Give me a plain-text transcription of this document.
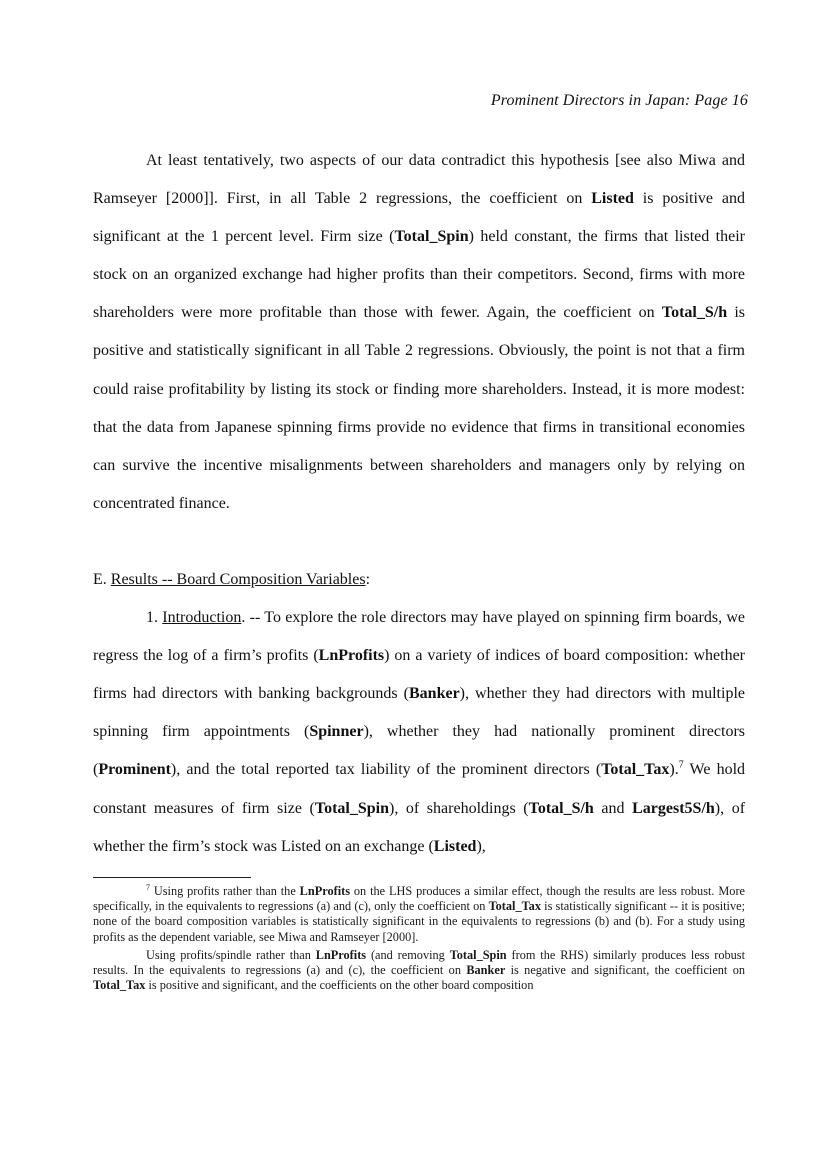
Prominent Directors in Japan: Page 16

At least tentatively, two aspects of our data contradict this hypothesis [see also Miwa and Ramseyer [2000]]. First, in all Table 2 regressions, the coefficient on Listed is positive and significant at the 1 percent level. Firm size (Total_Spin) held constant, the firms that listed their stock on an organized exchange had higher profits than their competitors. Second, firms with more shareholders were more profitable than those with fewer. Again, the coefficient on Total_S/h is positive and statistically significant in all Table 2 regressions. Obviously, the point is not that a firm could raise profitability by listing its stock or finding more shareholders. Instead, it is more modest: that the data from Japanese spinning firms provide no evidence that firms in transitional economies can survive the incentive misalignments between shareholders and managers only by relying on concentrated finance.

E. Results -- Board Composition Variables:

1. Introduction. -- To explore the role directors may have played on spinning firm boards, we regress the log of a firm’s profits (LnProfits) on a variety of indices of board composition: whether firms had directors with banking backgrounds (Banker), whether they had directors with multiple spinning firm appointments (Spinner), whether they had nationally prominent directors (Prominent), and the total reported tax liability of the prominent directors (Total_Tax).$^7$ We hold constant measures of firm size (Total_Spin), of shareholdings (Total_S/h and Largest5S/h), of whether the firm’s stock was Listed on an exchange (Listed),

$^7$ Using profits rather than the LnProfits on the LHS produces a similar effect, though the results are less robust. More specifically, in the equivalents to regressions (a) and (c), only the coefficient on Total_Tax is statistically significant -- it is positive; none of the board composition variables is statistically significant in the equivalents to regressions (b) and (b). For a study using profits as the dependent variable, see Miwa and Ramseyer [2000].

Using profits/spindle rather than LnProfits (and removing Total_Spin from the RHS) similarly produces less robust results. In the equivalents to regressions (a) and (c), the coefficient on Banker is negative and significant, the coefficient on Total_Tax is positive and significant, and the coefficients on the other board composition
